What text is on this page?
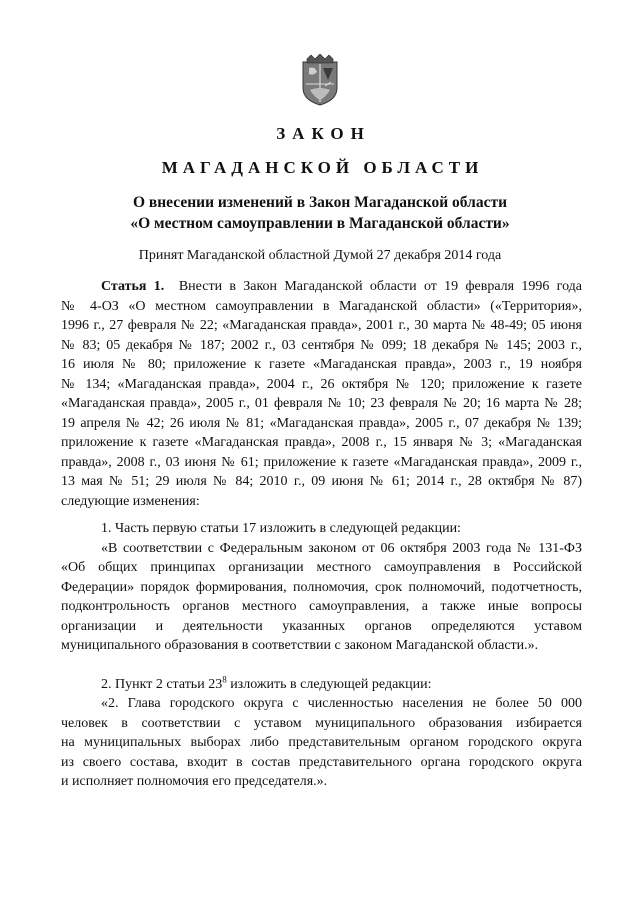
ЗАКОН
МАГАДАНСКОЙ ОБЛАСТИ
О внесении изменений в Закон Магаданской области
«О местном самоуправлении в Магаданской области»
Принят Магаданской областной Думой 27 декабря 2014 года

Статья 1. Внести в Закон Магаданской области от 19 февраля 1996 года
№ 4-ОЗ «О местном самоуправлении в Магаданской области» («Территория»,
1996 г., 27 февраля № 22; «Магаданская правда», 2001 г., 30 марта № 48-49; 05 июня
№ 83; 05 декабря № 187; 2002 г., 03 сентября № 099; 18 декабря № 145; 2003 г.,
16 июля № 80; приложение к газете «Магаданская правда», 2003 г., 19 ноября
№ 134; «Магаданская правда», 2004 г., 26 октября № 120; приложение к газете
«Магаданская правда», 2005 г., 01 февраля № 10; 23 февраля № 20; 16 марта № 28;
19 апреля № 42; 26 июля № 81; «Магаданская правда», 2005 г., 07 декабря № 139;
приложение к газете «Магаданская правда», 2008 г., 15 января № 3; «Магаданская
правда», 2008 г., 03 июня № 61; приложение к газете «Магаданская правда», 2009 г.,
13 мая № 51; 29 июля № 84; 2010 г., 09 июня № 61; 2014 г., 28 октября № 87)
следующие изменения:

1. Часть первую статьи 17 изложить в следующей редакции:

«В соответствии с Федеральным законом от 06 октября 2003 года № 131-ФЗ
«Об общих принципах организации местного самоуправления в Российской
Федерации» порядок формирования, полномочия, срок полномочий, подотчетность,
подконтрольность органов местного самоуправления, а также иные вопросы
организации и деятельности указанных органов определяются уставом
муниципального образования в соответствии с законом Магаданской области.».

2. Пункт 2 статьи $23^8$ изложить в следующей редакции:

«2. Глава городского округа с численностью населения не более 50 000
человек в соответствии с уставом муниципального образования избирается
на муниципальных выборах либо представительным органом городского округа
из своего состава, входит в состав представительного органа городского округа
и исполняет полномочия его председателя.».
